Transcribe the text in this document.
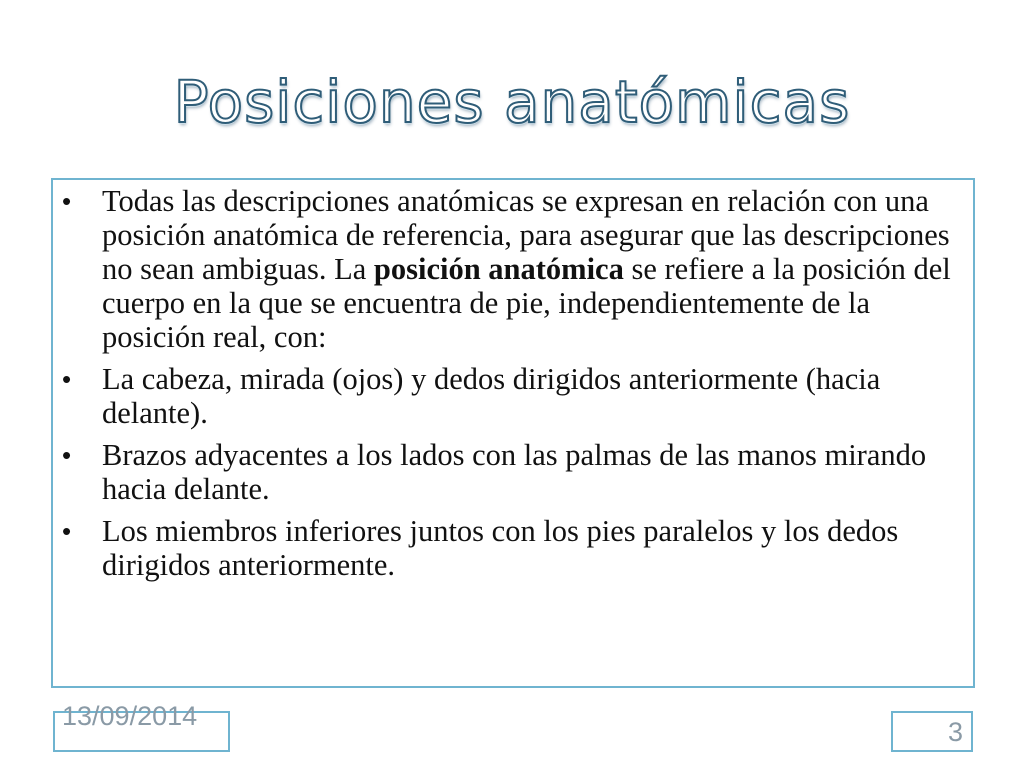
Posiciones anatómicas
• Todas las descripciones anatómicas se expresan en relación con una posición anatómica de referencia, para asegurar que las descripciones no sean ambiguas. La posición anatómica se refiere a la posición del cuerpo en la que se encuentra de pie, independientemente de la posición real, con:
• La cabeza, mirada (ojos) y dedos dirigidos anteriormente (hacia delante).
• Brazos adyacentes a los lados con las palmas de las manos mirando hacia delante.
• Los miembros inferiores juntos con los pies paralelos y los dedos dirigidos anteriormente.
13/09/2014
3
